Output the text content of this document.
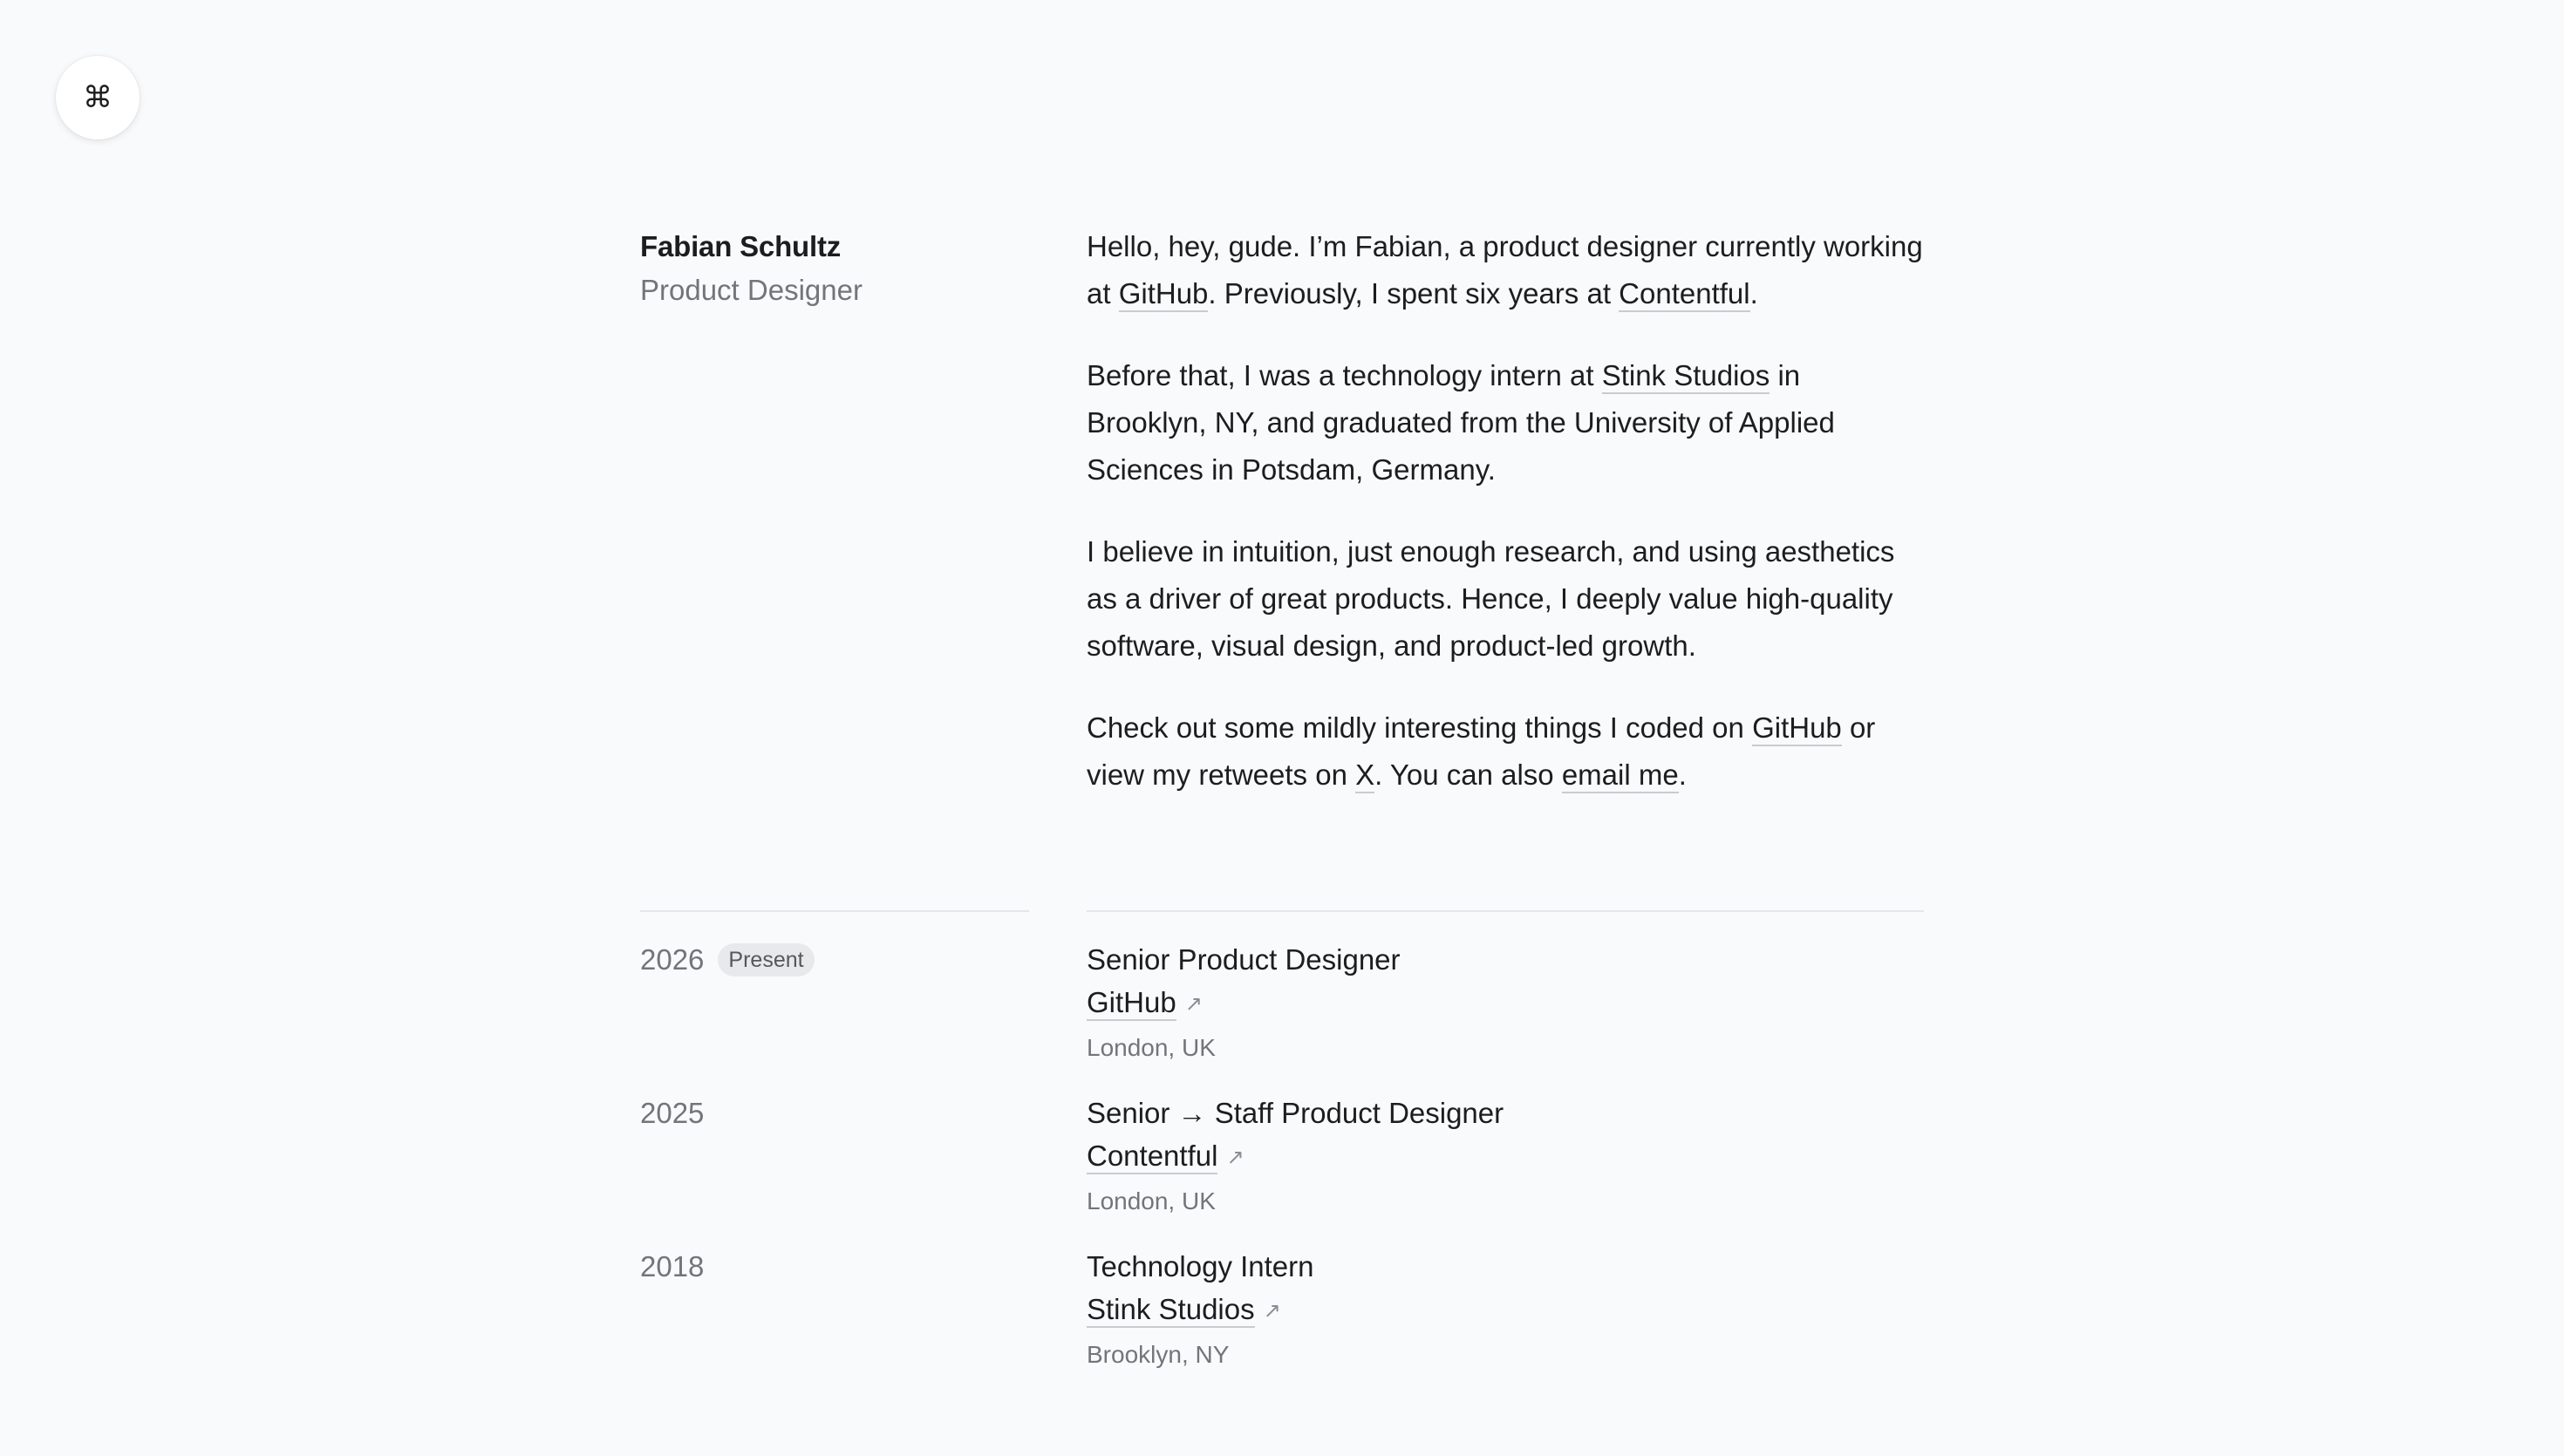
⌘
Fabian Schultz
Product Designer

Hello, hey, gude. I’m Fabian, a product designer currently working at GitHub. Previously, I spent six years at Contentful.

Before that, I was a technology intern at Stink Studios in Brooklyn, NY, and graduated from the University of Applied Sciences in Potsdam, Germany.

I believe in intuition, just enough research, and using aesthetics as a driver of great products. Hence, I deeply value high-quality software, visual design, and product-led growth.

Check out some mildly interesting things I coded on GitHub or view my retweets on X. You can also email me.

2026	Present	Senior Product Designer
GitHub ↗
London, UK
2025	Senior → Staff Product Designer
Contentful ↗
London, UK
2018	Technology Intern
Stink Studios ↗
Brooklyn, NY
